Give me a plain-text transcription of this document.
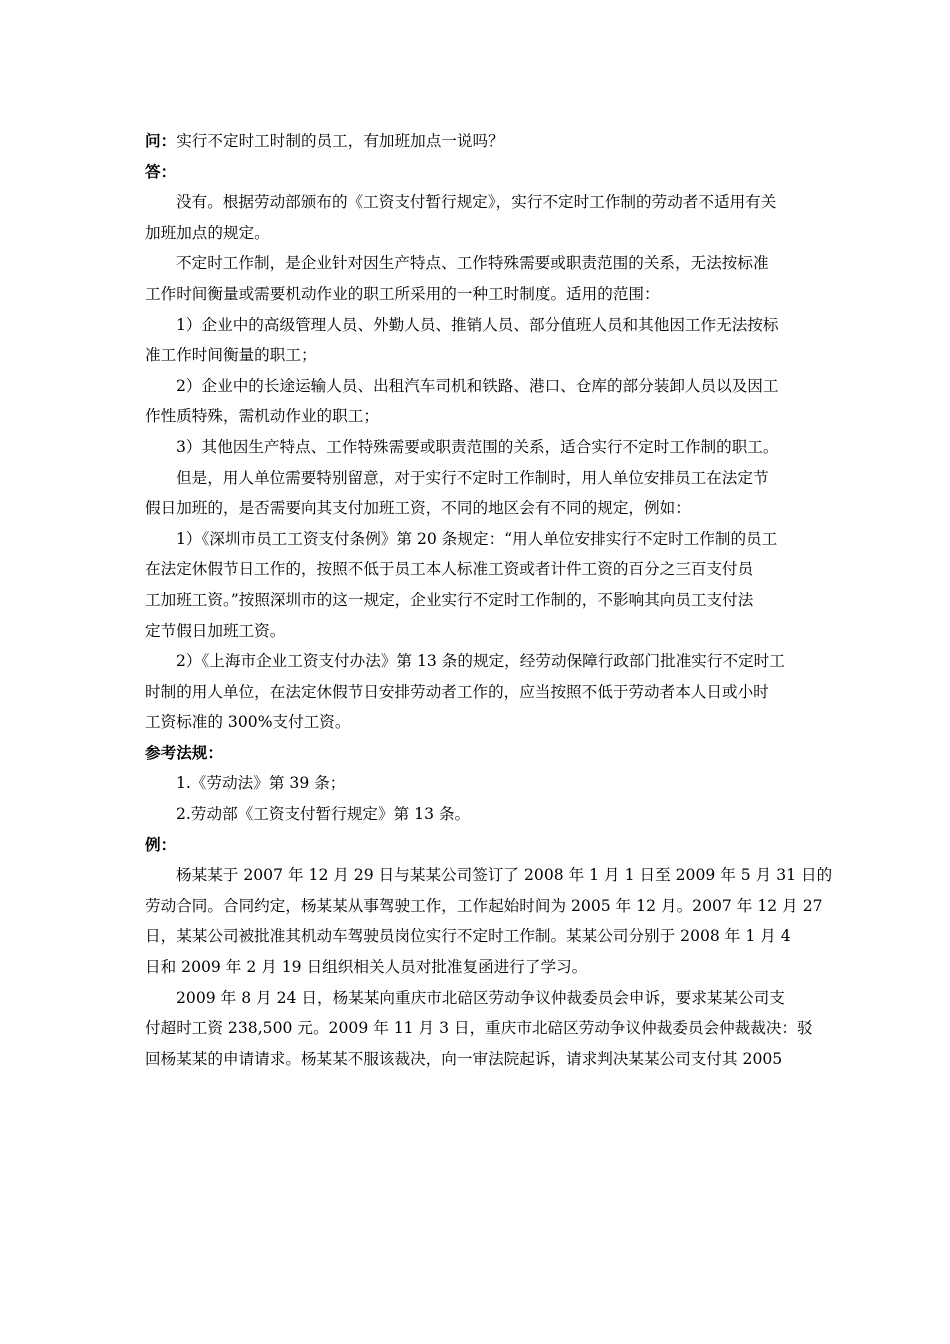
问：实行不定时工时制的员工，有加班加点一说吗？
答：
没有。根据劳动部颁布的《工资支付暂行规定》，实行不定时工作制的劳动者不适用有关
加班加点的规定。
不定时工作制，是企业针对因生产特点、工作特殊需要或职责范围的关系，无法按标准
工作时间衡量或需要机动作业的职工所采用的一种工时制度。适用的范围：
1）企业中的高级管理人员、外勤人员、推销人员、部分值班人员和其他因工作无法按标
准工作时间衡量的职工；
2）企业中的长途运输人员、出租汽车司机和铁路、港口、仓库的部分装卸人员以及因工
作性质特殊，需机动作业的职工；
3）其他因生产特点、工作特殊需要或职责范围的关系，适合实行不定时工作制的职工。
但是，用人单位需要特别留意，对于实行不定时工作制时，用人单位安排员工在法定节
假日加班的，是否需要向其支付加班工资，不同的地区会有不同的规定，例如：
1）《深圳市员工工资支付条例》第 20 条规定：“用人单位安排实行不定时工作制的员工
在法定休假节日工作的，按照不低于员工本人标准工资或者计件工资的百分之三百支付员
工加班工资。”按照深圳市的这一规定，企业实行不定时工作制的，不影响其向员工支付法
定节假日加班工资。
2）《上海市企业工资支付办法》第 13 条的规定，经劳动保障行政部门批准实行不定时工
时制的用人单位，在法定休假节日安排劳动者工作的，应当按照不低于劳动者本人日或小时
工资标准的 300%支付工资。
参考法规：
1.《劳动法》第 39 条；
2.劳动部《工资支付暂行规定》第 13 条。
例：
杨某某于 2007 年 12 月 29 日与某某公司签订了 2008 年 1 月 1 日至 2009 年 5 月 31 日的
劳动合同。合同约定，杨某某从事驾驶工作，工作起始时间为 2005 年 12 月。2007 年 12 月 27
日，某某公司被批准其机动车驾驶员岗位实行不定时工作制。某某公司分别于 2008 年 1 月 4
日和 2009 年 2 月 19 日组织相关人员对批准复函进行了学习。
2009 年 8 月 24 日，杨某某向重庆市北碚区劳动争议仲裁委员会申诉，要求某某公司支
付超时工资 238,500 元。2009 年 11 月 3 日，重庆市北碚区劳动争议仲裁委员会仲裁裁决：驳
回杨某某的申请请求。杨某某不服该裁决，向一审法院起诉，请求判决某某公司支付其 2005
